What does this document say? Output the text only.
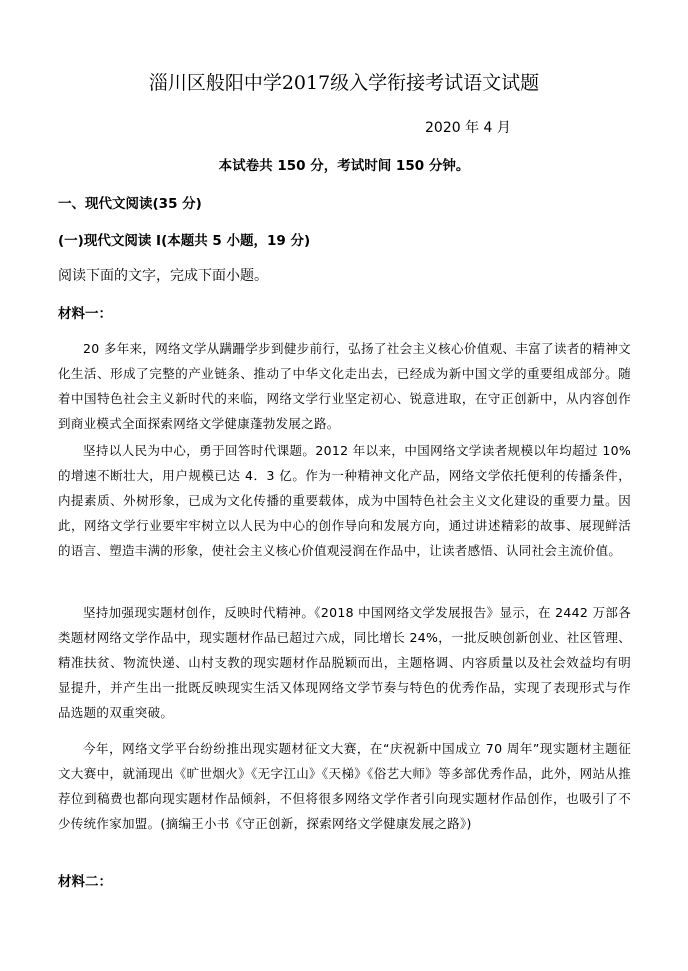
淄川区般阳中学2017级入学衔接考试语文试题
2020 年 4 月
本试卷共 150 分，考试时间 150 分钟。
一、现代文阅读(35 分)
(一)现代文阅读 I(本题共 5 小题，19 分)
阅读下面的文字，完成下面小题。
材料一：
20 多年来，网络文学从蹒跚学步到健步前行，弘扬了社会主义核心价值观、丰富了读者的精神文化生活、形成了完整的产业链条、推动了中华文化走出去，已经成为新中国文学的重要组成部分。随着中国特色社会主义新时代的来临，网络文学行业坚定初心、锐意进取，在守正创新中，从内容创作到商业模式全面探索网络文学健康蓬勃发展之路。
坚持以人民为中心，勇于回答时代课题。2012 年以来，中国网络文学读者规模以年均超过 10%的增速不断壮大，用户规模已达 4．3 亿。作为一种精神文化产品，网络文学依托便利的传播条件，内提素质、外树形象，已成为文化传播的重要载体，成为中国特色社会主义文化建设的重要力量。因此，网络文学行业要牢牢树立以人民为中心的创作导向和发展方向，通过讲述精彩的故事、展现鲜活的语言、塑造丰满的形象，使社会主义核心价值观浸润在作品中，让读者感悟、认同社会主流价值。
坚持加强现实题材创作，反映时代精神。《2018 中国网络文学发展报告》显示，在 2442 万部各类题材网络文学作品中，现实题材作品已超过六成，同比增长 24%，一批反映创新创业、社区管理、精准扶贫、物流快递、山村支教的现实题材作品脱颖而出，主题格调、内容质量以及社会效益均有明显提升，并产生出一批既反映现实生活又体现网络文学节奏与特色的优秀作品，实现了表现形式与作品选题的双重突破。
今年，网络文学平台纷纷推出现实题材征文大赛，在“庆祝新中国成立 70 周年”现实题材主题征文大赛中，就涌现出《旷世烟火》《无字江山》《天梯》《俗艺大师》等多部优秀作品，此外，网站从推荐位到稿费也都向现实题材作品倾斜，不但将很多网络文学作者引向现实题材作品创作，也吸引了不少传统作家加盟。(摘编王小书《守正创新，探索网络文学健康发展之路》)
材料二：
